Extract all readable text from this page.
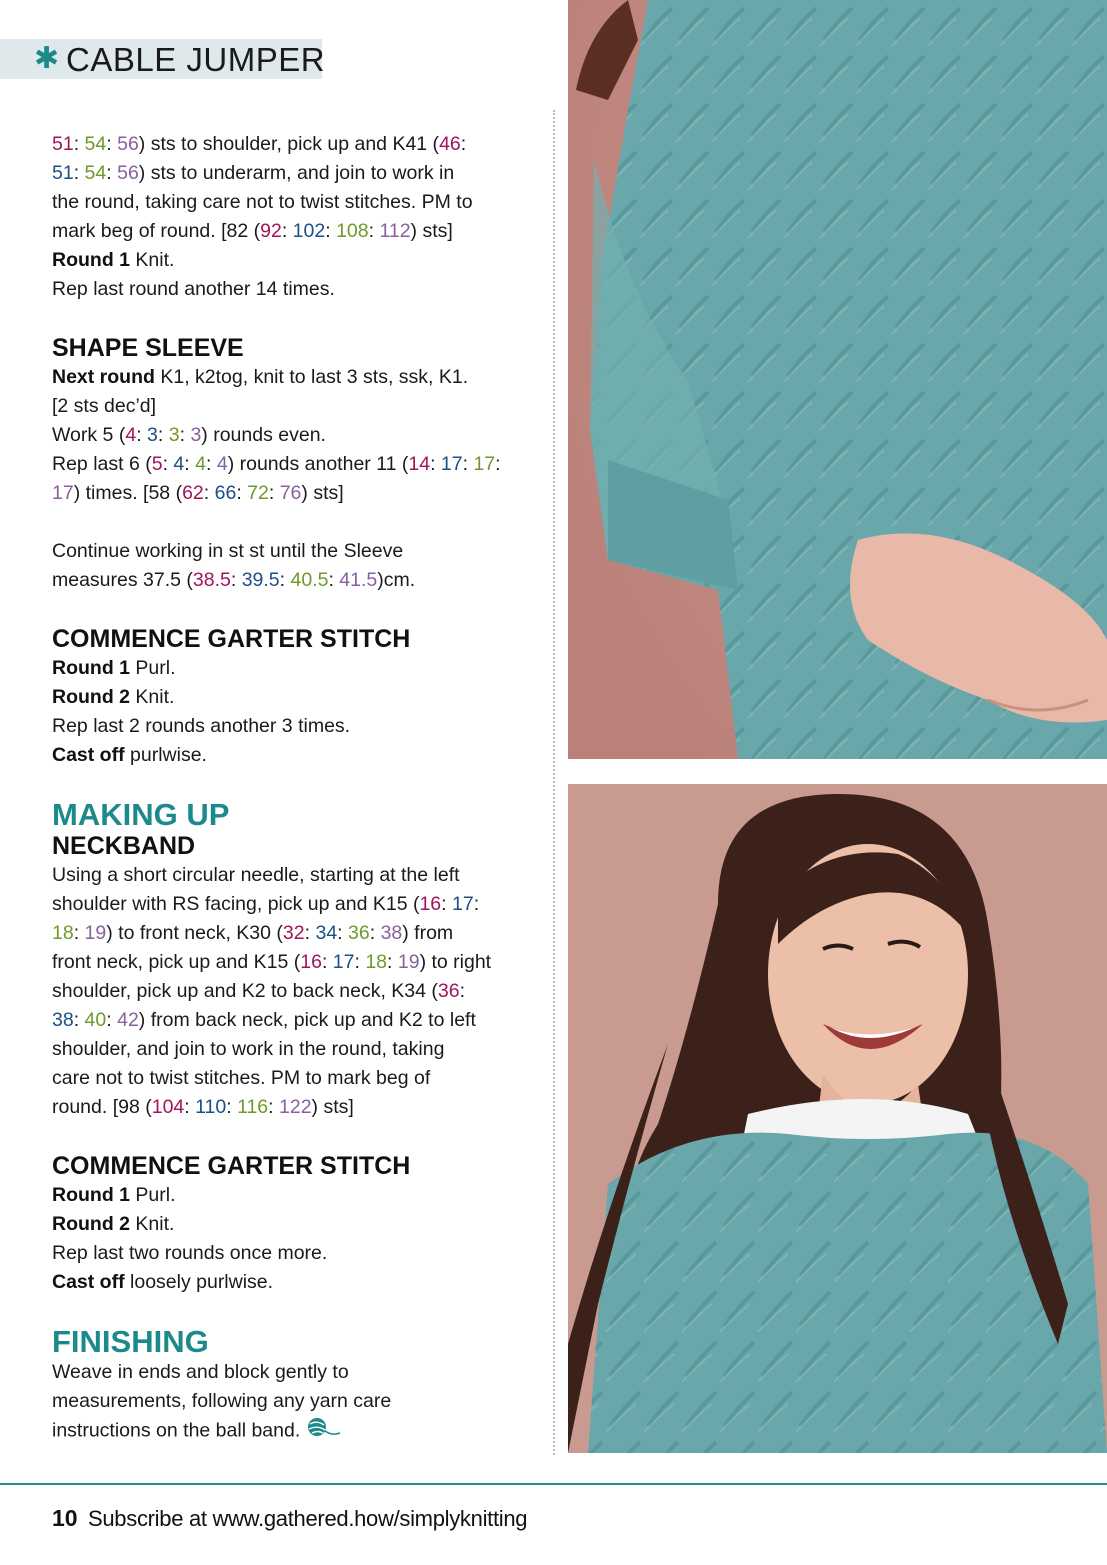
✱ CABLE JUMPER

51: 54: 56) sts to shoulder, pick up and K41 (46:

51: 54: 56) sts to underarm, and join to work in

the round, taking care not to twist stitches. PM to

mark beg of round. [82 (92: 102: 108: 112) sts]

Round 1 Knit.

Rep last round another 14 times.

SHAPE SLEEVE

Next round K1, k2tog, knit to last 3 sts, ssk, K1.

[2 sts dec’d]

Work 5 (4: 3: 3: 3) rounds even.

Rep last 6 (5: 4: 4: 4) rounds another 11 (14: 17: 17:

17) times. [58 (62: 66: 72: 76) sts]

Continue working in st st until the Sleeve

measures 37.5 (38.5: 39.5: 40.5: 41.5)cm.

COMMENCE GARTER STITCH

Round 1 Purl.

Round 2 Knit.

Rep last 2 rounds another 3 times.

Cast off purlwise.

MAKING UP
NECKBAND

Using a short circular needle, starting at the left

shoulder with RS facing, pick up and K15 (16: 17:

18: 19) to front neck, K30 (32: 34: 36: 38) from

front neck, pick up and K15 (16: 17: 18: 19) to right

shoulder, pick up and K2 to back neck, K34 (36:

38: 40: 42) from back neck, pick up and K2 to left

shoulder, and join to work in the round, taking

care not to twist stitches. PM to mark beg of

round. [98 (104: 110: 116: 122) sts]

COMMENCE GARTER STITCH

Round 1 Purl.

Round 2 Knit.

Rep last two rounds once more.

Cast off loosely purlwise.

FINISHING

Weave in ends and block gently to

measurements, following any yarn care

instructions on the ball band.

10 Subscribe at www.gathered.how/simplyknitting
